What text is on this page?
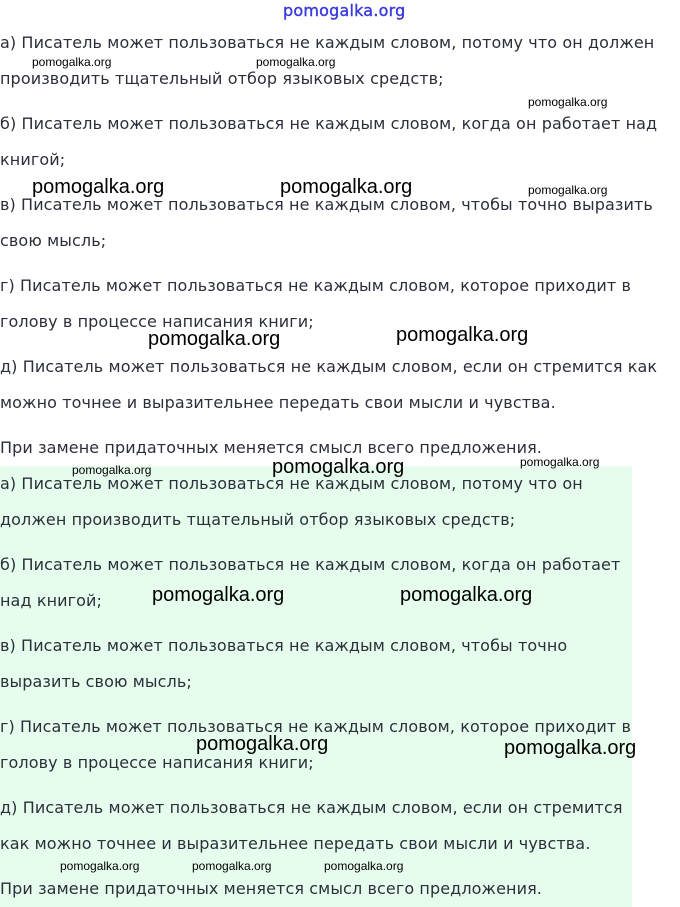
pomogalka.org
а) Писатель может пользоваться не каждым словом, потому что он должен
производить тщательный отбор языковых средств;
б) Писатель может пользоваться не каждым словом, когда он работает над
книгой;
в) Писатель может пользоваться не каждым словом, чтобы точно выразить
свою мысль;
г) Писатель может пользоваться не каждым словом, которое приходит в
голову в процессе написания книги;
д) Писатель может пользоваться не каждым словом, если он стремится как
можно точнее и выразительнее передать свои мысли и чувства.
При замене придаточных меняется смысл всего предложения.
а) Писатель может пользоваться не каждым словом, потому что он
должен производить тщательный отбор языковых средств;
б) Писатель может пользоваться не каждым словом, когда он работает
над книгой;
в) Писатель может пользоваться не каждым словом, чтобы точно
выразить свою мысль;
г) Писатель может пользоваться не каждым словом, которое приходит в
голову в процессе написания книги;
д) Писатель может пользоваться не каждым словом, если он стремится
как можно точнее и выразительнее передать свои мысли и чувства.
При замене придаточных меняется смысл всего предложения.
pomogalka.org	pomogalka.org
pomogalka.org
pomogalka.org	pomogalka.org	pomogalka.org
pomogalka.org
pomogalka.org
pomogalka.org	pomogalka.org	pomogalka.org
pomogalka.org	pomogalka.org
pomogalka.org	pomogalka.org
pomogalka.org	pomogalka.org	pomogalka.org
